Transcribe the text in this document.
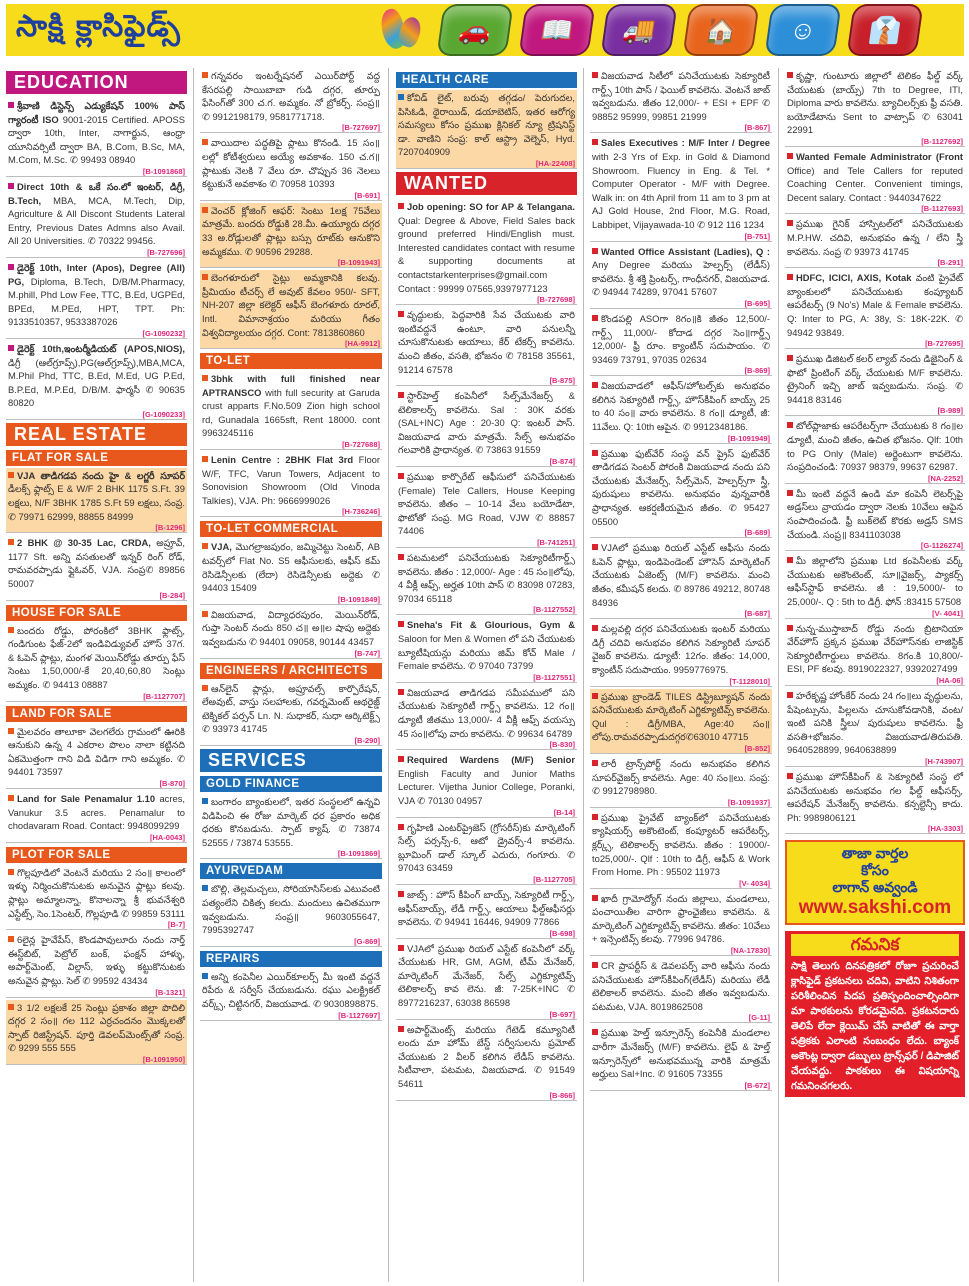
సాక్షి క్లాసిఫైడ్స్	🚗	📖	🚚	🏠	☺	👔
EDUCATION
శ్రీవాణి డిస్టెన్స్ ఎడ్యుకేషన్ 100% పాస్ గ్యారంటీ ISO 9001-2015 Certified. APOSS ద్వారా 10th, Inter, నాగార్జున, ఆంధ్రా యూనివర్సిటీ ద్వారా BA, B.Com, B.Sc, MA, M.Com, M.Sc. ✆ 99493 08940
[B-1091868]
Direct 10th & ఒకే సం.లో ఇంటర్, డిగ్రీ, B.Tech, MBA, MCA, M.Tech, Dip, Agriculture & All Discont Students Lateral Entry, Previous Dates Admns also Avail. All 20 Universities. ✆ 70322 99456.
[B-727696]
డైరెక్ట్ 10th, Inter (Apos), Degree (All) PG, Diploma, B.Tech, D/B/M.Pharmacy, M.phill, Phd Low Fee, TTC, B.Ed, UGPEd, BPEd, M.PEd, HPT, TPT. Ph: 9133510357, 9533387026
[G-1090232]
డైరెక్ట్ 10th,ఇంటర్మీడియట్ (APOS,NIOS), డిగ్రీ (ఆల్‌గ్రూప్స్),PG(ఆల్‌గ్రూప్స్),MBA,MCA, M.Phil Phd, TTC, B.Ed, M.Ed, UG P.Ed, B.P.Ed, M.P.Ed, D/B/M. ఫార్మసీ ✆ 90635 80820
[G-1090233]
REAL ESTATE
FLAT FOR SALE
VJA తాడిగడప నందు హై & లగ్జరీ సూపర్ డీలక్స్ ఫ్లాట్స్ E & W/F 2 BHK 1175 S.Ft. 39 లక్షలు, N/F 3BHK 1785 S.Ft 59 లక్షలు, సంప్ర. ✆ 79971 62999, 88855 84999
[B-1296]
2 BHK @ 30-35 Lac, CRDA, అప్రూవ్, 1177 Sft. అన్ని వసతులతో ఇన్నర్ రింగ్ రోడ్, రామవరప్పాడు ఫ్లైఓవర్, VJA. సంప్ర✆ 89856 50007
[B-284]
HOUSE FOR SALE
బందరు రోడ్డు, పోరంకిలో 3BHK ఫ్లాట్స్, గండిగుంట ఫేజ్-2లో ఇండివిడ్యువల్ హౌస్ 37గ. & ఓపెన్ ప్లాట్లు, మంగళ మెయిన్‌రోడ్డు తూర్పు ఫేస్ సెంటు 1,50,000/-కే 20,40,60,80 సెంట్లు అమ్మకం. ✆ 94413 08887
[B-1127707]
LAND FOR SALE
మైలవరం తాలూకా వెలగలేరు గ్రామంలో ఊరికి ఆనుకుని ఉన్న 4 ఎకరాల పొలం నాలా కట్టినది ఏకమొత్తంగా గాని విడి విడిగా గాని అమ్మకం. ✆ 94401 73597
[B-870]
Land for Sale Penamalur 1.10 acres, Vanukur 3.5 acres. Penamalur to chodavaram Road. Contact: 9948099299
[HA-0043]
PLOT FOR SALE
గొల్లపూడిలో వెంటనే మరియు 2 సం॥ కాలంలో ఇళ్ళు నిర్మించుకొనుటకు అనువైన ప్లాట్లు కలవు. ప్లాట్లు అమ్మాలన్నా, కొనాలన్నా శ్రీ భువనేశ్వరి ఎస్టేట్స్, సెం.1సెంటర్, గొల్లపూడి ✆ 99859 53111
[B-7]
6లైన్ల హైవేపేస్, కొండపావులూరు నందు నార్త్ ఈస్ట్‌బిట్, పెట్రోల్ బంక్, ఫంక్షన్ హాళ్ళు, అపార్ట్‌మెంట్, విల్లాస్, ఇళ్ళు కట్టుకొనుటకు అనువైన ప్లాట్లు. సెల్ ✆ 99592 43434
[B-1321]
3 1/2 లక్షలకే 25 సెంట్లు ప్రకాశం జిల్లా పొదిలి దగ్గర 2 సం॥ గల 112 ఎర్రచందనం మొక్కలతో స్పాట్ రిజిస్ట్రేషన్. పూర్తి డెవలప్‌మెంట్స్‌తో సంప్ర. ✆ 9299 555 555
[B-1091950]
గన్నవరం ఇంటర్నేషనల్ ఎయిర్‌పోర్ట్ వద్ద కేసరపల్లి సాయిబాబా గుడి దగ్గర, తూర్పు ఫేసింగ్‌తో 300 చ.గ. అమ్మకం. నో బ్రోకర్స్. సంప్ర॥ ✆ 9912198179, 9581771718.
[B-727697]
వాయిదాల పద్ధతిపై ప్లాటు కొనండి. 15 సం॥లల్లో కోటీశ్వరులు అయ్యే అవకాశం. 150 చ.గ॥ ప్లాటుకు నెలకి 7 వేలు రూ. చొప్పున 36 నెలలు కట్టుకునే అవకాశం ✆ 70958 10393
[B-691]
వెంచర్ క్లోజింగ్ ఆఫర్: సెంటు 1లక్ష 75వేలు మాత్రమే. బందరు రోడ్డుకి 28.మీ. ఉయ్యూరు దగ్గర 33 అ.రోడ్లులతో ప్లాట్లు బస్సు రూట్‌కు ఆనుకొని అమ్మకము. ✆ 90596 29288.
[B-1091943]
బెంగళూరులో సైట్లు అమ్మకానికి కలవు. ప్రీమియం టీచర్స్ లే అవుట్ కేవలం 950/- SFT, NH-207 జిల్లా కలెక్టర్ ఆఫీస్ బెంగళూరు రూరల్, Intl. విమానాశ్రయం మరియు గీతం విశ్వవిద్యాలయం దగ్గర. Cont: 7813860860
[HA-9912]
TO-LET
3bhk with full finished near APTRANSCO with full security at Garuda crust apparts F.No.509 Zion high school rd, Gunadala 1665sft, Rent 18000. cont 9963245116
[B-727688]
Lenin Centre : 2BHK Flat 3rd Floor W/F, TFC, Varun Towers, Adjacent to Sonovision Showroom (Old Vinoda Talkies), VJA. Ph: 9666999026
[H-736246]
TO-LET COMMERCIAL
VJA, మొగల్రాజపురం, జమ్మిచెట్టు సెంటర్, AB టవర్స్‌లో Flat No. S5 ఆఫీసులకు, ఆఫీస్ కమ్ రెసిడెన్సీలకు (లేదా) రెసిడెన్సీలకు అద్దెకు ✆ 94403 15409
[B-1091849]
విజయవాడ, విద్యాధరపురం, మెయిన్‌రోడ్, గుప్తా సెంటర్ నందు 850 చ॥ అ॥ల షాపు అద్దెకు ఇవ్వబడును ✆ 94401 09058, 90144 43457
[B-747]
ENGINEERS / ARCHITECTS
ఆన్‌లైన్ ప్లాన్లు, అప్రూవల్స్ కార్పొరేషన్, లేఅవుట్, వాస్తు సలహాలకు, గవర్నమెంట్ ఆథరైజ్డ్ టెక్నికల్ పర్సన్ Ln. N. సుధాకర్, సుధా ఆర్కిటెక్ట్స్ ✆ 93973 41745
[B-290]
SERVICES
GOLD FINANCE
బంగారం బ్యాంకులలో, ఇతర సంస్థలలో ఉన్నవి విడిపించి ఈ రోజు మార్కెట్ ధర ప్రకారం అధిక ధరకు కొనబడును. స్పాట్ క్యాష్. ✆ 73874 52555 / 73874 53555.
[B-1091869]
AYURVEDAM
బొల్లి, తెల్లమచ్చలు, సోరియాసిస్‌లకు ఎటువంటి పత్యంలేని చికిత్స కలదు. మందులు ఉచితముగా ఇవ్వబడును. సంప్ర॥ 9603055647, 7995392747
[G-869]
REPAIRS
అన్ని కంపెనీల ఎయిర్‌కూలర్స్ మీ ఇంటి వద్దనే రిపేరు & సర్వీస్ చేయబడును. రఘు ఎలక్ట్రికల్ వర్క్స్, చిట్టినగర్, విజయవాడ. ✆ 9030898875.
[B-1127697]
HEALTH CARE
కోవిడ్ లైట్, బరువు తగ్గడం/ పెరుగుదల, పిసిఓడి, థైరాయిడ్, డయాబెటిస్, ఇతర ఆరోగ్య సమస్యలు కోసం ప్రముఖ క్లినికల్ న్యూ ట్రిషనిస్ట్ డా. వాణిని సంప్ర: కాల్ ఆస్ట్రా వెల్నెస్, Hyd. 7207040909
[HA-22408]
WANTED
Job opening: SO for AP & Telangana. Qual: Degree & Above, Field Sales back ground preferred Hindi/English must. Interested candidates contact with resume & supporting documents at contactstarkenterprises@gmail.com Contact : 99999 07565,9397977123
[B-727698]
వృద్ధులకు, పెద్దవారికి సేవ చేయుటకు వారి ఇంటివద్దనే ఉంటూ, వారి పనులన్నీ చూసుకొనుటకు ఆయాలు, కేర్ టేకర్స్ కావలెను. మంచి జీతం, వసతి, భోజనం ✆ 78158 35561, 91214 67578
[B-875]
స్టార్‌హెల్త్ కంపెనీలో సేల్స్‌మేనేజర్స్ & టెలికాలర్స్ కావలెను. Sal : 30K వరకు (SAL+INC) Age : 20-30 Q: ఇంటర్ పాస్. విజయవాడ వారు మాత్రమే. సేల్స్ అనుభవం గలవారికి ప్రాధాన్యత. ✆ 73863 91559
[B-874]
ప్రముఖ కార్పొరేట్ ఆఫీసులో పనిచేయుటకు (Female) Tele Callers, House Keeping కావలెను. జీతం – 10-14 వేలు బయోడేటా, ఫొటోతో సంప్ర. MG Road, VJW ✆ 88857 74406
[B-741251]
పటమటలో పనిచేయుటకు సెక్యూరిటీగార్డ్స్ కావలెను. జీతం : 12,000/- Age : 45 సం॥లోపు, 4 వీక్లీ ఆఫ్స్, అర్హత 10th పాస్ ✆ 83098 07283, 97034 65118
[B-1127552]
Sneha's Fit & Glourious, Gym & Saloon for Men & Women లో పని చేయుటకు బ్యూటీషియన్లు మరియు జిమ్ కోచ్ Male / Female కావలెను. ✆ 97040 73799
[B-1127551]
విజయవాడ తాడిగడప సమీపములో పని చేయుటకు సెక్యూరిటీ గార్డ్స్ కావలెను. 12 గం॥ డ్యూటీ జీతము 13,000/- 4 వీక్లీ ఆఫ్స్ వయస్సు 45 సం॥లోపు వారు కావలెను. ✆ 99634 64789
[B-830]
Required Wardens (M/F) Senior English Faculty and Junior Maths Lecturer. Vijetha Junior College, Poranki, VJA ✆ 70130 04957
[B-14]
గృహిణి ఎంటర్‌ప్రైజెస్ (గ్రోసరీస్)కు మార్కెటింగ్ సేల్స్ పర్సన్స్-6, ఆటో డ్రైవర్స్-4 కావలెను. బ్లూమింగ్ డాల్ స్కూల్ ఎదురు, గంగూరు. ✆ 97043 63459
[B-1127705]
జాబ్స్ : హౌస్ కీపింగ్ బాయ్స్, సెక్యూరిటీ గార్డ్స్, ఆఫీస్‌బాయ్స్, లేడీ గార్డ్స్, ఆయాలు ఫీల్డ్ఆఫీసర్లు కావలెను. ✆ 94941 16446, 94909 77866
[B-698]
VJAలో ప్రముఖ రియల్ ఎస్టేట్ కంపెనీలో వర్క్ చేయుటకు HR, GM, AGM, టీమ్ మేనేజర్, మార్కెటింగ్ మేనేజర్, సేల్స్ ఎగ్జిక్యూటివ్స్ టెలికాలర్స్ కావ లెను. జీ: 7-25K+INC ✆ 8977216237, 63038 86598
[B-697]
అపార్ట్‌మెంట్స్ మరియు గేటెడ్ కమ్యూనిటీ లందు మా హోమ్ బేస్డ్ సర్వీసులను ప్రమోట్ చేయుటకు 2 వీలర్ కలిగిన లేడీస్ కావలెను. సిటీవాలా, పటమట, విజయవాడ. ✆ 91549 54611
[B-866]
విజయవాడ సిటీలో పనిచేయుటకు సెక్యూరిటీ గార్డ్స్ 10th పాస్ / ఫెయిల్ కావలెను. వెంటనే జాబ్ ఇవ్వబడును. జీతం 12,000/- + ESI + EPF ✆ 98852 95999, 99851 21999
[B-867]
Sales Executives : M/F Inter / Degree with 2-3 Yrs of Exp. in Gold & Diamond Showroom. Fluency in Eng. & Tel. * Computer Operator - M/F with Degree. Walk in: on 4th April from 11 am to 3 pm at AJ Gold House, 2nd Floor, M.G. Road, Labbipet, Vijayawada-10 ✆ 912 116 1234
[B-751]
Wanted Office Assistant (Ladies), Q : Any Degree మరియు హెల్పర్స్ (లేడీస్) కావలెను. శ్రీ శక్తి ప్రింటర్స్, గాంధీనగర్, విజయవాడ. ✆ 94944 74289, 97041 57607
[B-695]
కొండపల్లి ASOగా 8గం॥కి జీతం 12,500/- గార్డ్స్ 11,000/- కోదాడ దగ్గర సెం॥గార్డ్స్ 12,000/- ఫ్రీ రూం. క్యాంటీన్ సదుపాయం. ✆ 93469 73791, 97035 02634
[B-869]
విజయవాడలో ఆఫీస్/హోటల్స్‌కు అనుభవం కలిగిన సెక్యూరిటీ గార్డ్స్, హౌస్‌కీపింగ్ బాయ్స్ 25 to 40 సం॥ వారు కావలెను. 8 గం॥ డ్యూటీ, జీ: 11వేలు. Q: 10th ఆపైన. ✆ 9912348186.
[B-1091949]
ప్రముఖ ఫుట్‌వేర్ సంస్థ వన్ ప్రైస్ ఫుట్‌వేర్ తాడిగడప సెంటర్ పోరంకి విజయవాడ నందు పని చేయుటకు మేనేజర్స్, సేల్స్‌మెన్, హెల్పర్స్‌గా స్త్రీ, పురుషులు కావలెను. అనుభవం వున్నవారికి ప్రాధాన్యత. ఆకర్షణీయమైన జీతం. ✆ 95427 05500
[B-689]
VJAలో ప్రముఖ రియల్ ఎస్టేట్ ఆఫీసు నందు ఓపెన్ ప్లాట్లు, ఇండిపెండెంట్ హౌసెస్ మార్కెటింగ్ చేయుటకు ఏజెంట్స్ (M/F) కావలెను. మంచి జీతం, కమీషన్ కలదు. ✆ 89786 49212, 80748 84936
[B-687]
మల్లవల్లి దగ్గర పనిచేయుటకు ఇంటర్ మరియు డిగ్రీ చదివి అనుభవం కలిగిన సెక్యూరిటీ సూపర్ వైజర్ కావలెను. డ్యూటీ: 12గం. జీతం: 14,000, క్యాంటీన్ సదుపాయం. 9959776975.
[T-1128010]
ప్రముఖ బ్రాండెడ్ TILES డిస్ట్రిబ్యూషన్ నందు పనిచేయుటకు మార్కెటింగ్ ఎగ్జిక్యూటివ్స్ కావలెను. Qul : డిగ్రీ/MBA, Age:40 సం॥లోపు.రామవరప్పాడుదగ్గర✆63010 47715
[B-852]
లారీ ట్రాన్స్‌పోర్ట్ నందు అనుభవం కలిగిన సూపర్‌వైజర్స్ కావలెను. Age: 40 సం॥లు. సంప్ర: ✆ 9912798980.
[B-1091937]
ప్రముఖ ప్రైవేట్ బ్యాంక్‌లో పనిచేయుటకు క్యాషియర్స్ అకౌంటెంట్, కంప్యూటర్ ఆపరేటర్స్, క్లర్క్స్, టెలికాలర్స్ కావలెను. జీతం : 19000/- to25,000/-. Qlf : 10th to డిగ్రీ, ఆఫీస్ & Work From Home. Ph : 95502 11973
[V- 4034]
ఖాదీ గ్రామోద్యోగ్ నందు జిల్లాలు, మండలాలు, పంచాయితీల వారిగా ఫ్రాంఛైజీలు కావలెను. & మార్కెటింగ్ ఎగ్జిక్యూటివ్స్ కావలెను. జీతం: 10వేలు + ఇన్సెంటివ్స్ కలవు. 77996 94786.
[NA-17830]
CR ప్రాపర్టీస్ & డెవలపర్స్ వారి ఆఫీసు నందు పనిచేయుటకు హౌస్‌కీపింగ్(లేడీస్) మరియు లేడీ టెలికాలర్ కావలెను. మంచి జీతం ఇవ్వబడును. పటమట, VJA. 8019862508
[G-11]
ప్రముఖ హెల్త్ ఇన్సూరెన్స్ కంపెనీకి మండలాల వారీగా మేనేజర్స్ (M/F) కావలెను. లైఫ్ & హెల్త్ ఇన్సూరెన్స్‌లో అనుభవమున్న వారికి మాత్రమే అర్హులు Sal+Inc. ✆ 91605 73355
[B-672]
కృష్ణా, గుంటూరు జిల్లాలో టెలికం ఫీల్డ్ వర్క్ చేయుటకు (బాయ్స్) 7th to Degree, ITI, Diploma వారు కావలెను. బ్యాచిలర్స్‌కు ఫ్రీ వసతి. బయోడేటాను Sent to వాట్సాప్ ✆ 63041 22991
[B-1127692]
Wanted Female Administrator (Front Office) and Tele Callers for reputed Coaching Center. Convenient timings, Decent salary. Contact : 9440347622
[B-1127693]
ప్రముఖ గైనిక్ హాస్పిటల్‌లో పనిచేయుటకు M.P.HW. చదివి, అనుభవం ఉన్న / లేని స్త్రీ కావలెను. సంప్ర ✆ 93973 41745
[B-291]
HDFC, ICICI, AXIS, Kotak వంటి ప్రైవేట్ బ్యాంకులలో పనిచేయుటకు కంప్యూటర్ ఆపరేటర్స్ (9 No's) Male & Female కావలెను. Q: Inter to PG, A: 38y, S: 18K-22K. ✆ 94942 93849.
[B-727695]
ప్రముఖ డిజిటల్ కలర్ ల్యాబ్ నందు డిజైనింగ్ & ఫొటో ప్రింటింగ్ వర్క్ చేయుటకు M/F కావలెను. ట్రైనింగ్ ఇచ్చి జాబ్ ఇవ్వబడును. సంప్ర. ✆ 94418 83146
[B-989]
టోల్‌ప్లాజాకు ఆపరేటర్స్‌గా చేయుటకు 8 గం॥ల డ్యూటీ, మంచి జీతం, ఉచిత భోజనం. Qlf: 10th to PG Only (Male) అర్జెంటుగా కావలెను. సంప్రదించండి: 70937 98379, 99637 62987.
[NA-2252]
మీ ఇంటి వద్దనే ఉండి మా కంపెనీ లెటర్స్‌పై అడ్రస్‌లు వ్రాయడం ద్వారా నెలకు 10వేలు ఆపైన సంపాదించండి. ఫ్రీ బుక్‌లెట్ కొరకు అడ్రస్ SMS చేయండి. సంప్ర॥ 8341103038
[G-1126274]
మీ జిల్లాలోని ప్రముఖ Ltd కంపెనీలకు వర్క్ చేయుటకు అకౌంటెంట్, సూ॥వైజర్స్, ప్యాకర్స్ ఆఫీస్‌స్టాఫ్ కావలెను. జీ : 19,5000/- to 25,000/-. Q : 5th to డిగ్రీ. ఫోన్ :83415 57508
[V- 4041]
నున్న-ముస్తాబాద్ రోడ్డు నందు బ్రిటానియా వేర్‌హౌస్ ప్రక్కన ప్రముఖ వేర్‌హౌస్‌నకు లాజిస్టిక్ సెక్యూరిటీగార్డులు కావలెను. 8గం.కి 10,800/- ESI, PF కలవు. 8919022327, 9392027499
[HA-06]
హరేకృష్ణ హోంకేర్ నందు 24 గం॥లు వృద్ధులను, పేషెంట్సును, పిల్లలను చూసుకోవడానికి, వంట/ఇంటి పనికి స్త్రీలు/ పురుషులు కావలెను. ఫ్రీ వసతి+భోజనం. విజయవాడ/తిరుపతి. 9640528899, 9640638899
[H-743907]
ప్రముఖ హౌస్‌కీపింగ్ & సెక్యూరిటీ సంస్థ లో పనిచేయుటకు అనుభవం గల ఫీల్డ్ ఆఫీసర్స్, ఆపరేషన్ మేనేజర్స్ కావలెను. కన్సల్టెన్సీ కాదు. Ph: 9989806121
[HA-3303]
తాజా వార్తల
కోసం
లాగాన్ అవ్వండి
www.sakshi.com
గమనిక
సాక్షి తెలుగు దినపత్రికలో రోజూ ప్రచురించే క్లాసిఫైడ్ ప్రకటనలు చదివి, వాటిని నిశితంగా పరిశీలించిన పిదప ప్రతిస్పందించాల్సిందిగా మా పాఠకులను కోరడమైనది. ప్రకటనదారు తెలిపే లేదా క్లెయిమ్ చేసే వాటితో ఈ వార్తా పత్రికకు ఎలాంటి సంబంధం లేదు. బ్యాంక్ అకౌంట్ల ద్వారా డబ్బులు ట్రాన్స్‌ఫర్ / డిపాజిట్ చేయవద్దు. పాఠకులు ఈ విషయాన్ని గమనించగలరు.
